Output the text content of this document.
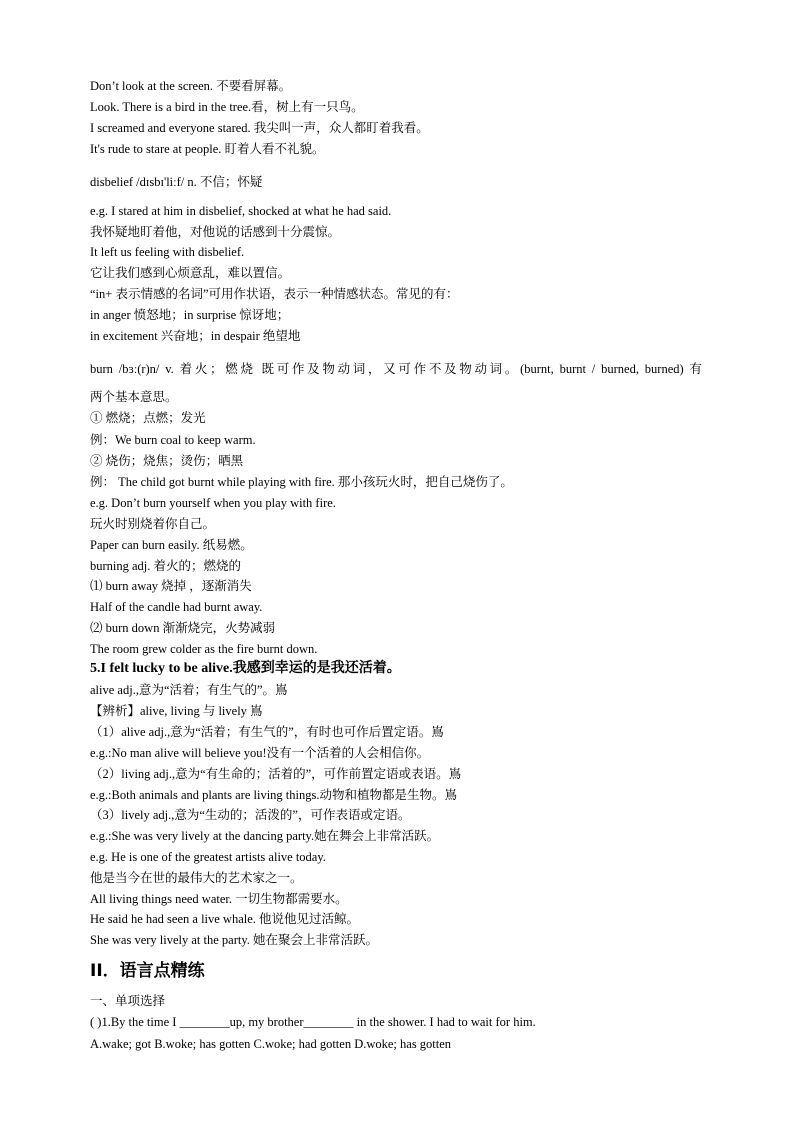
Don’t look at the screen. 不要看屏幕。
Look. There is a bird in the tree.看，树上有一只鸟。
I screamed and everyone stared. 我尖叫一声，众人都盯着我看。
It's rude to stare at people. 盯着人看不礼貌。
disbelief /dɪsbɪ'liːf/ n. 不信；怀疑
e.g. I stared at him in disbelief, shocked at what he had said.
我怀疑地盯着他，对他说的话感到十分震惊。
It left us feeling with disbelief.
它让我们感到心烦意乱，难以置信。
“in+ 表示情感的名词”可用作状语，表示一种情感状态。常见的有：
in anger 愤怒地；in surprise 惊讶地；
in excitement 兴奋地；in despair 绝望地
burn /bɜː(r)n/ v. 着火；燃烧 既可作及物动词，又可作不及物动词。(burnt, burnt / burned, burned) 有
两个基本意思。
① 燃烧；点燃；发光
例：We burn coal to keep warm.
② 烧伤；烧焦；烫伤；晒黑
例： The child got burnt while playing with fire. 那小孩玩火时，把自己烧伤了。
e.g. Don’t burn yourself when you play with fire.
玩火时别烧着你自己。
Paper can burn easily. 纸易燃。
burning adj. 着火的；燃烧的
⑴ burn away 烧掉 ，逐渐消失
Half of the candle had burnt away.
⑵ burn down 渐渐烧完，火势减弱
The room grew colder as the fire burnt down.
5.I felt lucky to be alive.我感到幸运的是我还活着。
alive adj.,意为“活着；有生气的”。嶌
【辨析】alive, living 与 lively 嶌
（1）alive adj.,意为“活着；有生气的”，有时也可作后置定语。嶌
e.g.:No man alive will believe you!没有一个活着的人会相信你。
（2）living adj.,意为“有生命的；活着的”，可作前置定语或表语。嶌
e.g.:Both animals and plants are living things.动物和植物都是生物。嶌
（3）lively adj.,意为“生动的；活泼的”，可作表语或定语。
e.g.:She was very lively at the dancing party.她在舞会上非常活跃。
e.g. He is one of the greatest artists alive today.
他是当今在世的最伟大的艺术家之一。
All living things need water. 一切生物都需要水。
He said he had seen a live whale. 他说他见过活鲸。
She was very lively at the party. 她在聚会上非常活跃。
II．语言点精练
一、单项选择
( )1.By the time I ________up, my brother________ in the shower. I had to wait for him.
A.wake; got B.woke; has gotten C.woke; had gotten D.woke; has gotten
